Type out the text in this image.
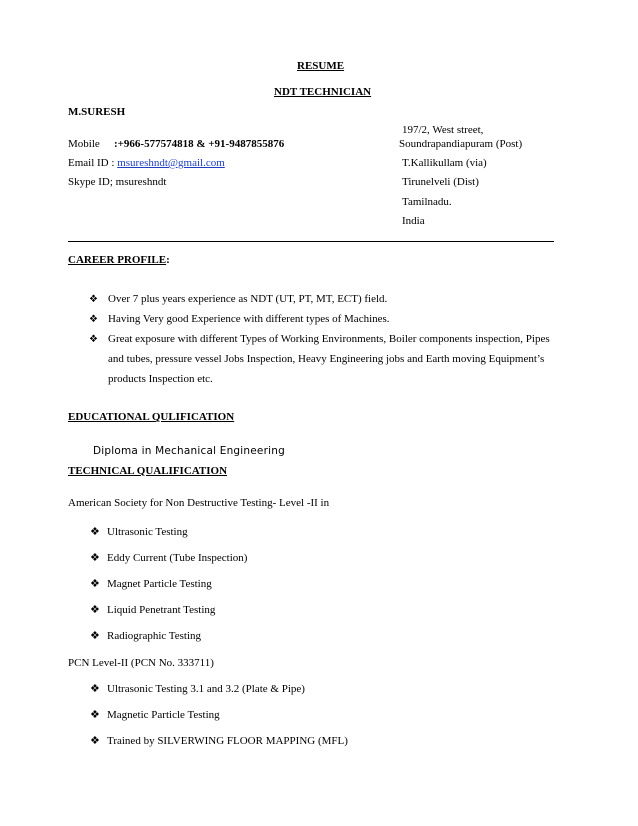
RESUME
NDT TECHNICIAN
M.SURESH
Mobile :+966-577574818 & +91-9487855876
Email ID : msureshndt@gmail.com
Skype ID; msureshndt
197/2, West street,
Soundrapandiapuram (Post)
T.Kallikullam (via)
Tirunelveli (Dist)
Tamilnadu.
India
CAREER PROFILE:
❖ Over 7 plus years experience as NDT (UT, PT, MT, ECT) field.
❖ Having Very good Experience with different types of Machines.
❖ Great exposure with different Types of Working Environments, Boiler components inspection, Pipes
and tubes, pressure vessel Jobs Inspection, Heavy Engineering jobs and Earth moving Equipment’s
products Inspection etc.
EDUCATIONAL QULIFICATION
Diploma in Mechanical Engineering
TECHNICAL QUALIFICATION
American Society for Non Destructive Testing- Level -II in
❖ Ultrasonic Testing
❖ Eddy Current (Tube Inspection)
❖ Magnet Particle Testing
❖ Liquid Penetrant Testing
❖ Radiographic Testing
PCN Level-II (PCN No. 333711)
❖ Ultrasonic Testing 3.1 and 3.2 (Plate & Pipe)
❖ Magnetic Particle Testing
❖ Trained by SILVERWING FLOOR MAPPING (MFL)
